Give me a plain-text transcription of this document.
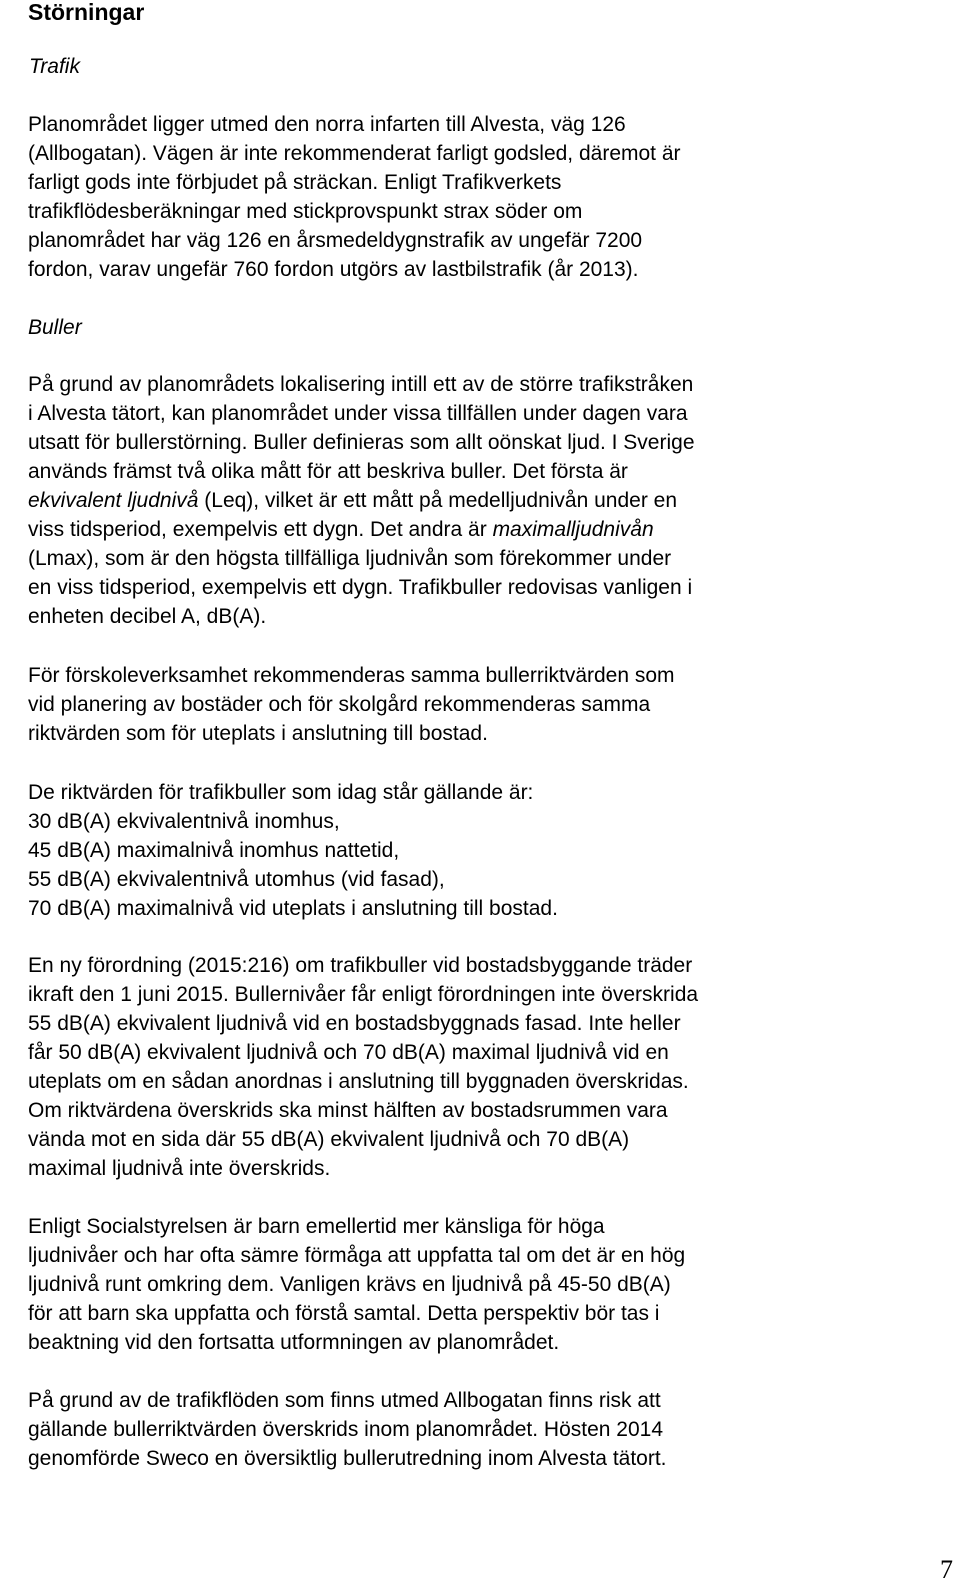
Störningar
Trafik

Planområdet ligger utmed den norra infarten till Alvesta, väg 126
(Allbogatan). Vägen är inte rekommenderat farligt godsled, däremot är
farligt gods inte förbjudet på sträckan. Enligt Trafikverkets
trafikflödesberäkningar med stickprovspunkt strax söder om
planområdet har väg 126 en årsmedeldygnstrafik av ungefär 7200
fordon, varav ungefär 760 fordon utgörs av lastbilstrafik (år 2013).

Buller

På grund av planområdets lokalisering intill ett av de större trafikstråken
i Alvesta tätort, kan planområdet under vissa tillfällen under dagen vara
utsatt för bullerstörning. Buller definieras som allt oönskat ljud. I Sverige
används främst två olika mått för att beskriva buller. Det första är
ekvivalent ljudnivå (Leq), vilket är ett mått på medelljudnivån under en
viss tidsperiod, exempelvis ett dygn. Det andra är maximalljudnivån
(Lmax), som är den högsta tillfälliga ljudnivån som förekommer under
en viss tidsperiod, exempelvis ett dygn. Trafikbuller redovisas vanligen i
enheten decibel A, dB(A).

För förskoleverksamhet rekommenderas samma bullerriktvärden som
vid planering av bostäder och för skolgård rekommenderas samma
riktvärden som för uteplats i anslutning till bostad.

De riktvärden för trafikbuller som idag står gällande är:
30 dB(A) ekvivalentnivå inomhus,
45 dB(A) maximalnivå inomhus nattetid,
55 dB(A) ekvivalentnivå utomhus (vid fasad),
70 dB(A) maximalnivå vid uteplats i anslutning till bostad.

En ny förordning (2015:216) om trafikbuller vid bostadsbyggande träder
ikraft den 1 juni 2015. Bullernivåer får enligt förordningen inte överskrida
55 dB(A) ekvivalent ljudnivå vid en bostadsbyggnads fasad. Inte heller
får 50 dB(A) ekvivalent ljudnivå och 70 dB(A) maximal ljudnivå vid en
uteplats om en sådan anordnas i anslutning till byggnaden överskridas.
Om riktvärdena överskrids ska minst hälften av bostadsrummen vara
vända mot en sida där 55 dB(A) ekvivalent ljudnivå och 70 dB(A)
maximal ljudnivå inte överskrids.

Enligt Socialstyrelsen är barn emellertid mer känsliga för höga
ljudnivåer och har ofta sämre förmåga att uppfatta tal om det är en hög
ljudnivå runt omkring dem. Vanligen krävs en ljudnivå på 45-50 dB(A)
för att barn ska uppfatta och förstå samtal. Detta perspektiv bör tas i
beaktning vid den fortsatta utformningen av planområdet.

På grund av de trafikflöden som finns utmed Allbogatan finns risk att
gällande bullerriktvärden överskrids inom planområdet. Hösten 2014
genomförde Sweco en översiktlig bullerutredning inom Alvesta tätort.

7
